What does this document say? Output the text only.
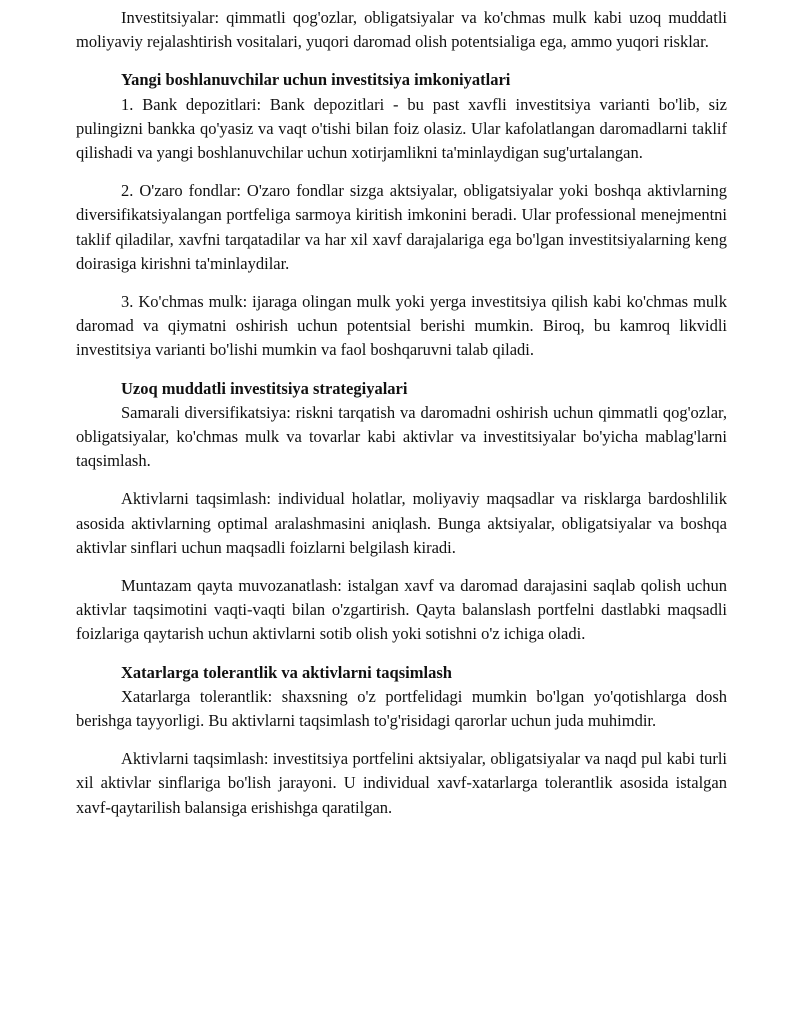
Investitsiyalar: qimmatli qog'ozlar, obligatsiyalar va ko'chmas mulk kabi uzoq muddatli moliyaviy rejalashtirish vositalari, yuqori daromad olish potentsialiga ega, ammo yuqori risklar.

Yangi boshlanuvchilar uchun investitsiya imkoniyatlari

1. Bank depozitlari: Bank depozitlari - bu past xavfli investitsiya varianti bo'lib, siz pulingizni bankka qo'yasiz va vaqt o'tishi bilan foiz olasiz. Ular kafolatlangan daromadlarni taklif qilishadi va yangi boshlanuvchilar uchun xotirjamlikni ta'minlaydigan sug'urtalangan.

2. O'zaro fondlar: O'zaro fondlar sizga aktsiyalar, obligatsiyalar yoki boshqa aktivlarning diversifikatsiyalangan portfeliga sarmoya kiritish imkonini beradi. Ular professional menejmentni taklif qiladilar, xavfni tarqatadilar va har xil xavf darajalariga ega bo'lgan investitsiyalarning keng doirasiga kirishni ta'minlaydilar.

3. Ko'chmas mulk: ijaraga olingan mulk yoki yerga investitsiya qilish kabi ko'chmas mulk daromad va qiymatni oshirish uchun potentsial berishi mumkin. Biroq, bu kamroq likvidli investitsiya varianti bo'lishi mumkin va faol boshqaruvni talab qiladi.

Uzoq muddatli investitsiya strategiyalari

Samarali diversifikatsiya: riskni tarqatish va daromadni oshirish uchun qimmatli qog'ozlar, obligatsiyalar, ko'chmas mulk va tovarlar kabi aktivlar va investitsiyalar bo'yicha mablag'larni taqsimlash.

Aktivlarni taqsimlash: individual holatlar, moliyaviy maqsadlar va risklarga bardoshlilik asosida aktivlarning optimal aralashmasini aniqlash. Bunga aktsiyalar, obligatsiyalar va boshqa aktivlar sinflari uchun maqsadli foizlarni belgilash kiradi.

Muntazam qayta muvozanatlash: istalgan xavf va daromad darajasini saqlab qolish uchun aktivlar taqsimotini vaqti-vaqti bilan o'zgartirish. Qayta balanslash portfelni dastlabki maqsadli foizlariga qaytarish uchun aktivlarni sotib olish yoki sotishni o'z ichiga oladi.

Xatarlarga tolerantlik va aktivlarni taqsimlash

Xatarlarga tolerantlik: shaxsning o'z portfelidagi mumkin bo'lgan yo'qotishlarga dosh berishga tayyorligi. Bu aktivlarni taqsimlash to'g'risidagi qarorlar uchun juda muhimdir.

Aktivlarni taqsimlash: investitsiya portfelini aktsiyalar, obligatsiyalar va naqd pul kabi turli xil aktivlar sinflariga bo'lish jarayoni. U individual xavf-xatarlarga tolerantlik asosida istalgan xavf-qaytarilish balansiga erishishga qaratilgan.
